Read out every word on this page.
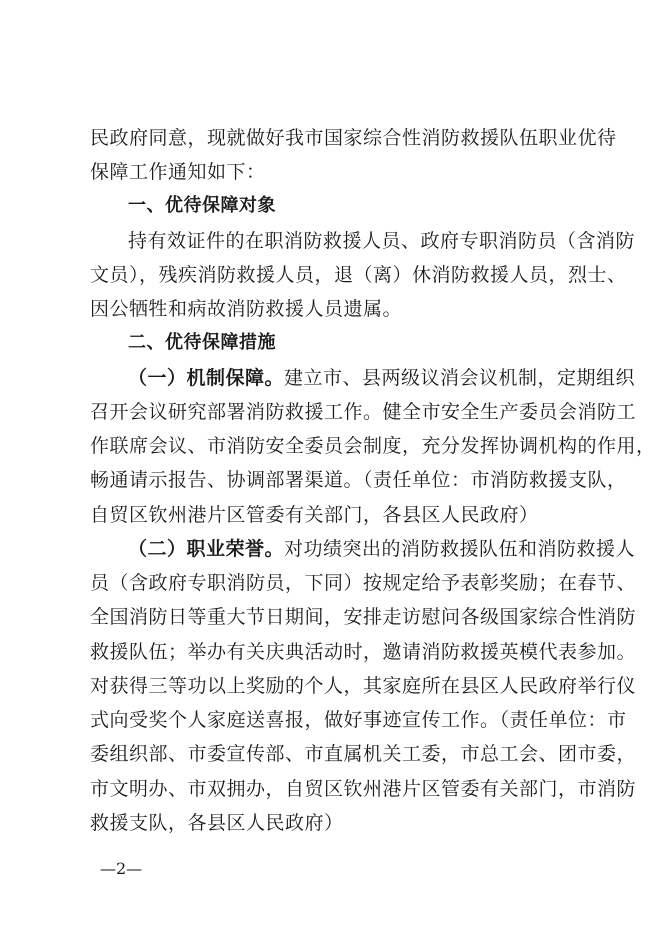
民政府同意，现就做好我市国家综合性消防救援队伍职业优待
保障工作通知如下：
一、优待保障对象
持有效证件的在职消防救援人员、政府专职消防员（含消防
文员），残疾消防救援人员，退（离）休消防救援人员，烈士、
因公牺牲和病故消防救援人员遗属。
二、优待保障措施
（一）机制保障。建立市、县两级议消会议机制，定期组织
召开会议研究部署消防救援工作。健全市安全生产委员会消防工
作联席会议、市消防安全委员会制度，充分发挥协调机构的作用，
畅通请示报告、协调部署渠道。（责任单位：市消防救援支队，
自贸区钦州港片区管委有关部门，各县区人民政府）
（二）职业荣誉。对功绩突出的消防救援队伍和消防救援人
员（含政府专职消防员，下同）按规定给予表彰奖励；在春节、
全国消防日等重大节日期间，安排走访慰问各级国家综合性消防
救援队伍；举办有关庆典活动时，邀请消防救援英模代表参加。
对获得三等功以上奖励的个人，其家庭所在县区人民政府举行仪
式向受奖个人家庭送喜报，做好事迹宣传工作。（责任单位：市
委组织部、市委宣传部、市直属机关工委，市总工会、团市委，
市文明办、市双拥办，自贸区钦州港片区管委有关部门，市消防
救援支队，各县区人民政府）
—2—
